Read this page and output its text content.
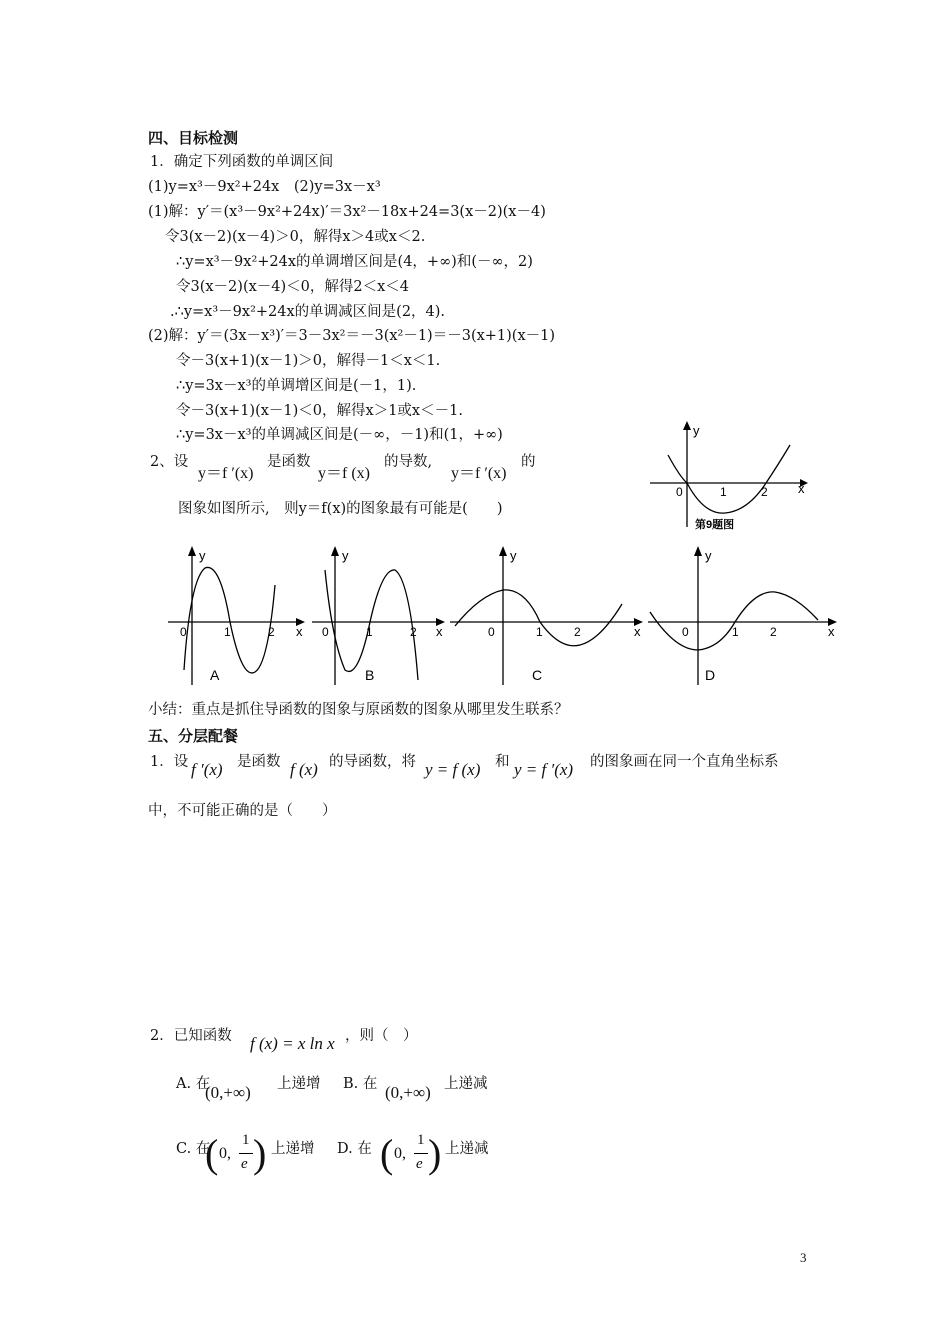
四、目标检测
1．确定下列函数的单调区间
(1)y=x³－9x²+24x　(2)y=3x－x³
(1)解：y′＝(x³－9x²+24x)′＝3x²－18x+24=3(x－2)(x－4)
令3(x－2)(x－4)＞0，解得x＞4或x＜2.
∴y=x³－9x²+24x的单调增区间是(4，+∞)和(－∞，2)
令3(x－2)(x－4)＜0，解得2＜x＜4
.∴y=x³－9x²+24x的单调减区间是(2，4).
(2)解：y′＝(3x－x³)′＝3－3x²＝－3(x²－1)＝－3(x+1)(x－1)
令－3(x+1)(x－1)＞0，解得－1＜x＜1.
∴y=3x－x³的单调增区间是(－1，1).
令－3(x+1)(x－1)＜0，解得x＞1或x＜－1.
∴y=3x－x³的单调减区间是(－∞，－1)和(1，+∞)
2、设
y＝f ′(x)
是函数
y＝f (x)
的导数,
y＝f ′(x)
的
图象如图所示,　则y＝f(x)的图象最有可能是(　　)
y
x
0	1	2
第9题图
y
x
0	1	2
A
y
x
0	1	2
B
y
x
0	1	2
C
y
x
0	1	2
D
小结：重点是抓住导函数的图象与原函数的图象从哪里发生联系？
五、分层配餐
1．设 f ′(x) 是函数 f (x) 的导函数，将 y = f (x) 和 y = f ′(x) 的图象画在同一个直角坐标系
中，不可能正确的是（　　）
2．已知函数 f (x) = x ln x ，则（　）
A. 在
(0,+∞) 上递增 B. 在 (0,+∞) 上递减
C. 在
( 0,
1
e ) 上递增 D. 在 ( 0,
1
e ) 上递减
3
